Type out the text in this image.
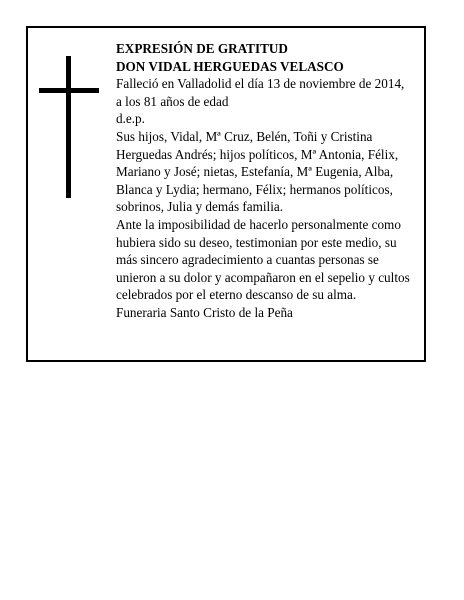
EXPRESIÓN DE GRATITUD
DON VIDAL HERGUEDAS VELASCO
Falleció en Valladolid el día 13 de noviembre de 2014,
a los 81 años de edad
d.e.p.
Sus hijos, Vidal, Mª Cruz, Belén, Toñi y Cristina
Herguedas Andrés; hijos políticos, Mª Antonia, Félix,
Mariano y José; nietas, Estefanía, Mª Eugenia, Alba,
Blanca y Lydia; hermano, Félix; hermanos políticos,
sobrinos, Julia y demás familia.
Ante la imposibilidad de hacerlo personalmente como
hubiera sido su deseo, testimonian por este medio, su
más sincero agradecimiento a cuantas personas se
unieron a su dolor y acompañaron en el sepelio y cultos
celebrados por el eterno descanso de su alma.
Funeraria Santo Cristo de la Peña
